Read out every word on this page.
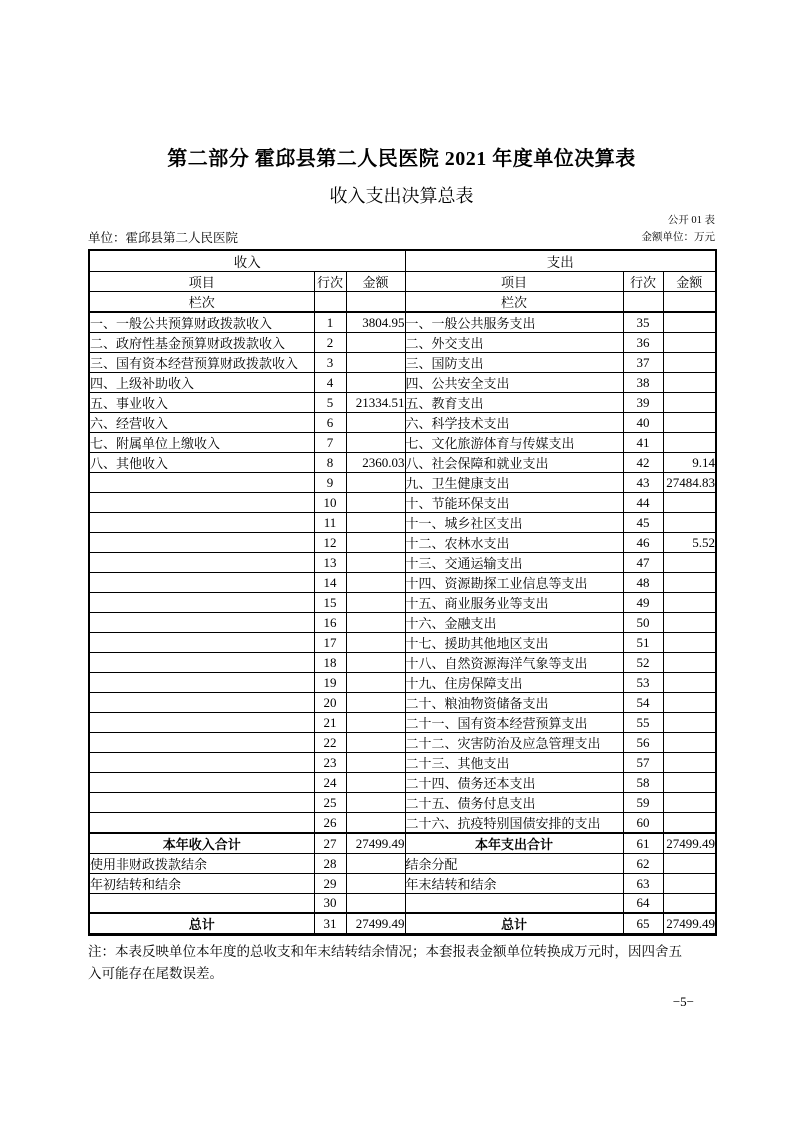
第二部分 霍邱县第二人民医院 2021 年度单位决算表
收入支出决算总表
公开 01 表
单位：霍邱县第二人民医院	金额单位：万元
收入			支出		
项目	行次	金额	项目	行次	金额
栏次			栏次		
一、一般公共预算财政拨款收入	1	3804.95	一、一般公共服务支出	35	
二、政府性基金预算财政拨款收入	2		二、外交支出	36	
三、国有资本经营预算财政拨款收入	3		三、国防支出	37	
四、上级补助收入	4		四、公共安全支出	38	
五、事业收入	5	21334.51	五、教育支出	39	
六、经营收入	6		六、科学技术支出	40	
七、附属单位上缴收入	7		七、文化旅游体育与传媒支出	41	
八、其他收入	8	2360.03	八、社会保障和就业支出	42	9.14
	9		九、卫生健康支出	43	27484.83
	10		十、节能环保支出	44	
	11		十一、城乡社区支出	45	
	12		十二、农林水支出	46	5.52
	13		十三、交通运输支出	47	
	14		十四、资源勘探工业信息等支出	48	
	15		十五、商业服务业等支出	49	
	16		十六、金融支出	50	
	17		十七、援助其他地区支出	51	
	18		十八、自然资源海洋气象等支出	52	
	19		十九、住房保障支出	53	
	20		二十、粮油物资储备支出	54	
	21		二十一、国有资本经营预算支出	55	
	22		二十二、灾害防治及应急管理支出	56	
	23		二十三、其他支出	57	
	24		二十四、债务还本支出	58	
	25		二十五、债务付息支出	59	
	26		二十六、抗疫特别国债安排的支出	60	
本年收入合计	27	27499.49	本年支出合计	61	27499.49
使用非财政拨款结余	28		结余分配	62	
年初结转和结余	29		年末结转和结余	63	
	30			64	
总计	31	27499.49	总计	65	27499.49
注：本表反映单位本年度的总收支和年末结转结余情况；本套报表金额单位转换成万元时，因四舍五
入可能存在尾数误差。
−5−
